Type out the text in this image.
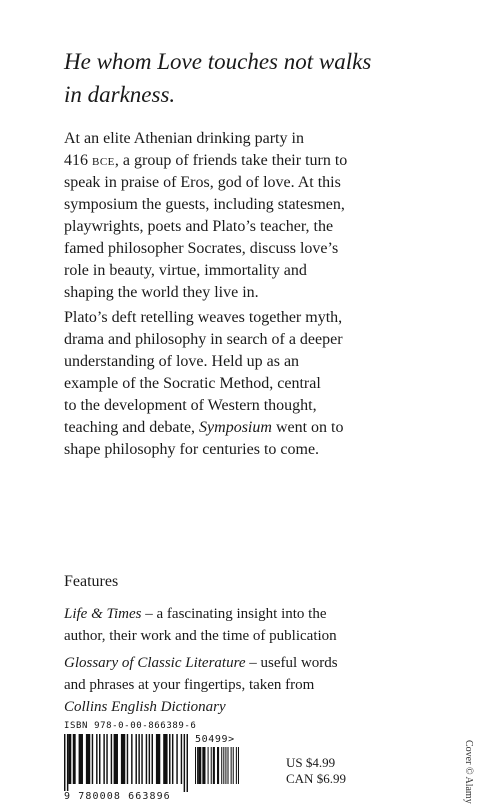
He whom Love touches not walks
in darkness.

At an elite Athenian drinking party in
416 bce, a group of friends take their turn to
speak in praise of Eros, god of love. At this
symposium the guests, including statesmen,
playwrights, poets and Plato’s teacher, the
famed philosopher Socrates, discuss love’s
role in beauty, virtue, immortality and
shaping the world they live in.

Plato’s deft retelling weaves together myth,
drama and philosophy in search of a deeper
understanding of love. Held up as an
example of the Socratic Method, central
to the development of Western thought,
teaching and debate, Symposium went on to
shape philosophy for centuries to come.

Features

Life & Times – a fascinating insight into the
author, their work and the time of publication

Glossary of Classic Literature – useful words
and phrases at your fingertips, taken from
Collins English Dictionary

ISBN 978-0-00-866389-6
50499>
9 780008 663896

US $4.99
CAN $6.99	Cover © Alamy
